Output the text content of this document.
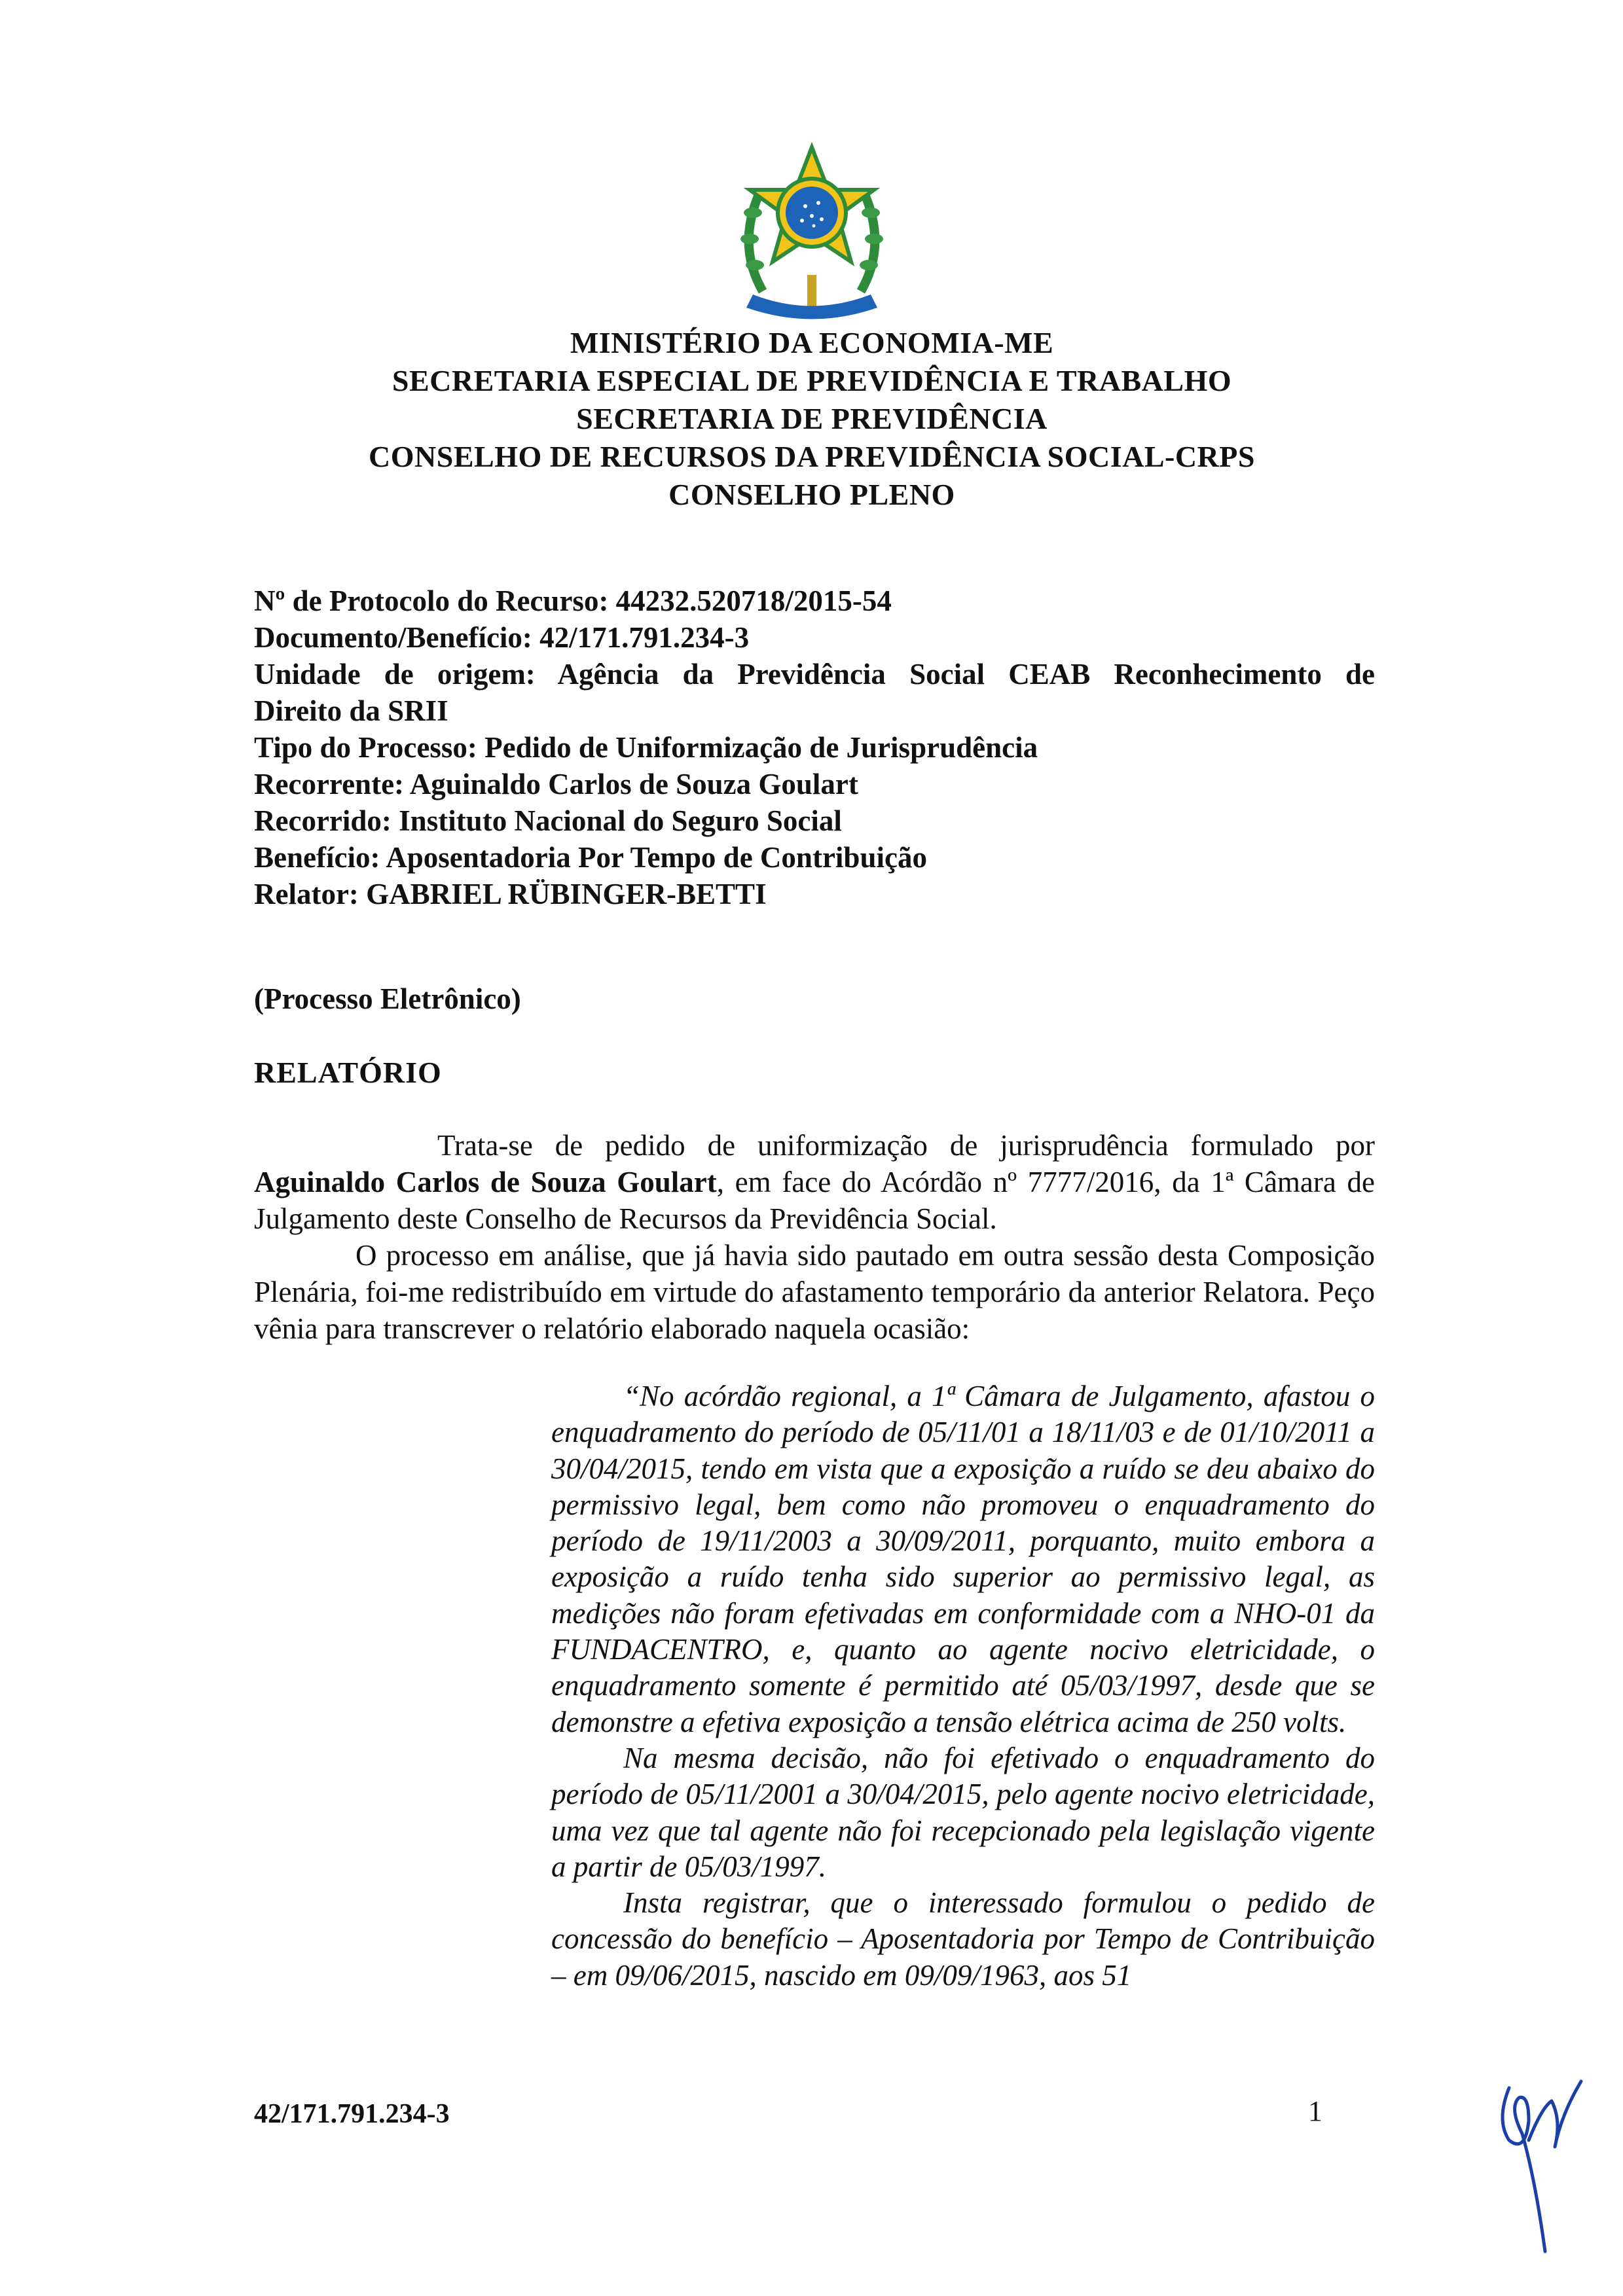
MINISTÉRIO DA ECONOMIA-ME
SECRETARIA ESPECIAL DE PREVIDÊNCIA E TRABALHO
SECRETARIA DE PREVIDÊNCIA
CONSELHO DE RECURSOS DA PREVIDÊNCIA SOCIAL-CRPS
CONSELHO PLENO
Nº de Protocolo do Recurso: 44232.520718/2015-54
Documento/Benefício: 42/171.791.234-3
Unidade de origem: Agência da Previdência Social CEAB Reconhecimento de
Direito da SRII
Tipo do Processo: Pedido de Uniformização de Jurisprudência
Recorrente: Aguinaldo Carlos de Souza Goulart
Recorrido: Instituto Nacional do Seguro Social
Benefício: Aposentadoria Por Tempo de Contribuição
Relator: GABRIEL RÜBINGER-BETTI
(Processo Eletrônico)
RELATÓRIO

Trata-se de pedido de uniformização de jurisprudência formulado por Aguinaldo Carlos de Souza Goulart, em face do Acórdão nº 7777/2016, da 1ª Câmara de Julgamento deste Conselho de Recursos da Previdência Social.

O processo em análise, que já havia sido pautado em outra sessão desta Composição Plenária, foi-me redistribuído em virtude do afastamento temporário da anterior Relatora. Peço vênia para transcrever o relatório elaborado naquela ocasião:

“No acórdão regional, a 1ª Câmara de Julgamento, afastou o enquadramento do período de 05/11/01 a 18/11/03 e de 01/10/2011 a 30/04/2015, tendo em vista que a exposição a ruído se deu abaixo do permissivo legal, bem como não promoveu o enquadramento do período de 19/11/2003 a 30/09/2011, porquanto, muito embora a exposição a ruído tenha sido superior ao permissivo legal, as medições não foram efetivadas em conformidade com a NHO-01 da FUNDACENTRO, e, quanto ao agente nocivo eletricidade, o enquadramento somente é permitido até 05/03/1997, desde que se demonstre a efetiva exposição a tensão elétrica acima de 250 volts.

Na mesma decisão, não foi efetivado o enquadramento do período de 05/11/2001 a 30/04/2015, pelo agente nocivo eletricidade, uma vez que tal agente não foi recepcionado pela legislação vigente a partir de 05/03/1997.

Insta registrar, que o interessado formulou o pedido de concessão do benefício – Aposentadoria por Tempo de Contribuição – em 09/06/2015, nascido em 09/09/1963, aos 51

42/171.791.234-3	1
